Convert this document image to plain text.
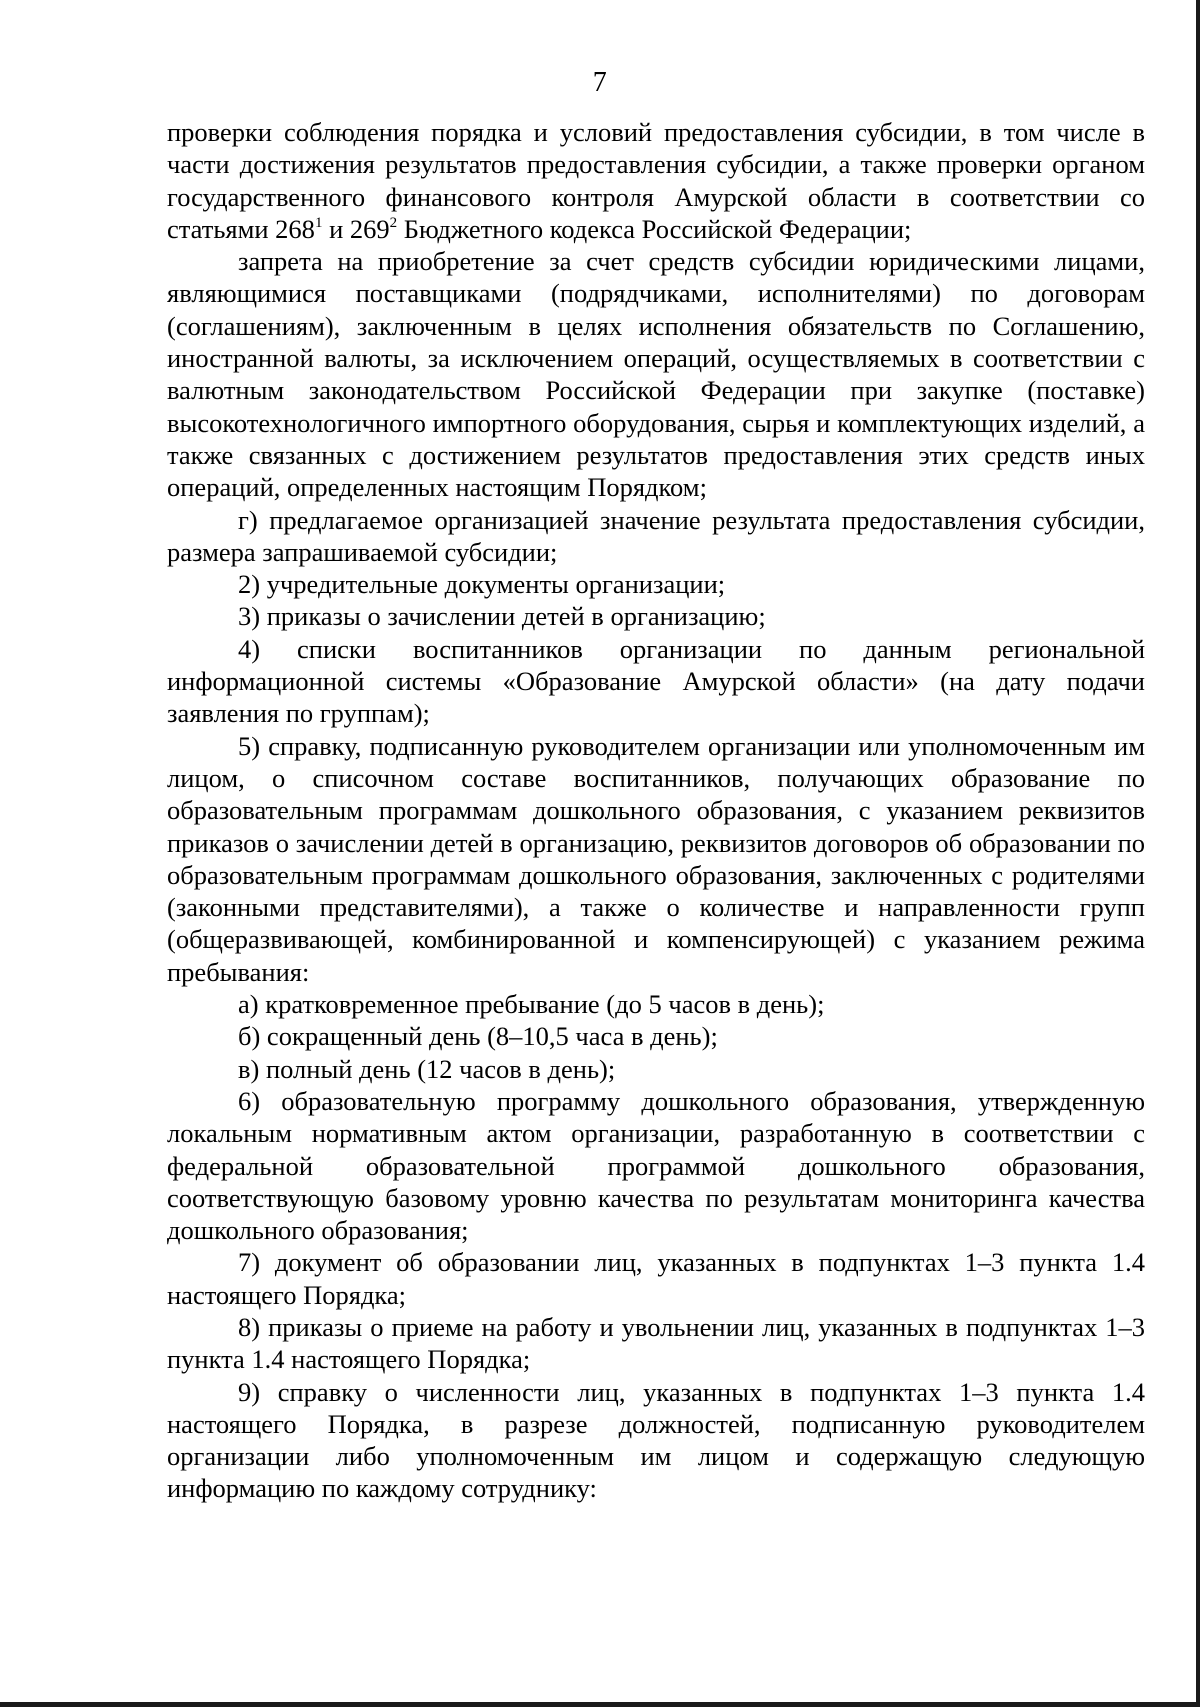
7

проверки соблюдения порядка и условий предоставления субсидии, в том числе в части достижения результатов предоставления субсидии, а также проверки органом государственного финансового контроля Амурской области в соответствии со статьями $268^1$ и $269^2$ Бюджетного кодекса Российской Федерации;

запрета на приобретение за счет средств субсидии юридическими лицами, являющимися поставщиками (подрядчиками, исполнителями) по договорам (соглашениям), заключенным в целях исполнения обязательств по Соглашению, иностранной валюты, за исключением операций, осуществляемых в соответствии с валютным законодательством Российской Федерации при закупке (поставке) высокотехнологичного импортного оборудования, сырья и комплектующих изделий, а также связанных с достижением результатов предоставления этих средств иных операций, определенных настоящим Порядком;

г) предлагаемое организацией значение результата предоставления субсидии, размера запрашиваемой субсидии;

2) учредительные документы организации;

3) приказы о зачислении детей в организацию;

4) списки воспитанников организации по данным региональной информационной системы «Образование Амурской области» (на дату подачи заявления по группам);

5) справку, подписанную руководителем организации или уполномоченным им лицом, о списочном составе воспитанников, получающих образование по образовательным программам дошкольного образования, с указанием реквизитов приказов о зачислении детей в организацию, реквизитов договоров об образовании по образовательным программам дошкольного образования, заключенных с родителями (законными представителями), а также о количестве и направленности групп (общеразвивающей, комбинированной и компенсирующей) с указанием режима пребывания:

а) кратковременное пребывание (до 5 часов в день);

б) сокращенный день (8–10,5 часа в день);

в) полный день (12 часов в день);

6) образовательную программу дошкольного образования, утвержденную локальным нормативным актом организации, разработанную в соответствии с федеральной образовательной программой дошкольного образования, соответствующую базовому уровню качества по результатам мониторинга качества дошкольного образования;

7) документ об образовании лиц, указанных в подпунктах 1–3 пункта 1.4 настоящего Порядка;

8) приказы о приеме на работу и увольнении лиц, указанных в подпунктах 1–3 пункта 1.4 настоящего Порядка;

9) справку о численности лиц, указанных в подпунктах 1–3 пункта 1.4 настоящего Порядка, в разрезе должностей, подписанную руководителем организации либо уполномоченным им лицом и содержащую следующую информацию по каждому сотруднику:
